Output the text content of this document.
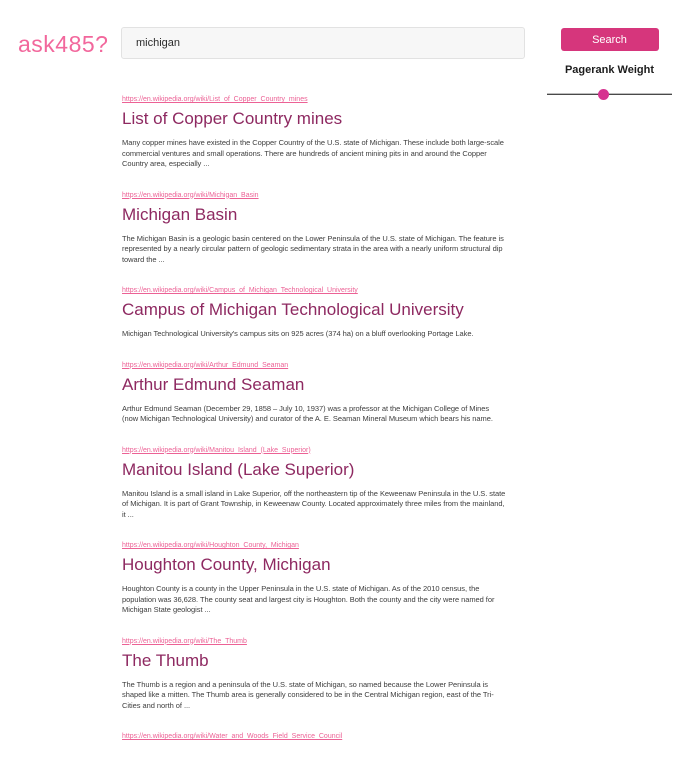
ask485?
michigan	Search
Pagerank Weight
https://en.wikipedia.org/wiki/List_of_Copper_Country_mines
List of Copper Country mines

Many copper mines have existed in the Copper Country of the U.S. state of Michigan. These include both large-scale commercial ventures and small operations. There are hundreds of ancient mining pits in and around the Copper Country area, especially ...

https://en.wikipedia.org/wiki/Michigan_Basin
Michigan Basin

The Michigan Basin is a geologic basin centered on the Lower Peninsula of the U.S. state of Michigan. The feature is represented by a nearly circular pattern of geologic sedimentary strata in the area with a nearly uniform structural dip toward the ...

https://en.wikipedia.org/wiki/Campus_of_Michigan_Technological_University
Campus of Michigan Technological University

Michigan Technological University's campus sits on 925 acres (374 ha) on a bluff overlooking Portage Lake.

https://en.wikipedia.org/wiki/Arthur_Edmund_Seaman
Arthur Edmund Seaman

Arthur Edmund Seaman (December 29, 1858 – July 10, 1937) was a professor at the Michigan College of Mines (now Michigan Technological University) and curator of the A. E. Seaman Mineral Museum which bears his name.

https://en.wikipedia.org/wiki/Manitou_Island_(Lake_Superior)
Manitou Island (Lake Superior)

Manitou Island is a small island in Lake Superior, off the northeastern tip of the Keweenaw Peninsula in the U.S. state of Michigan. It is part of Grant Township, in Keweenaw County. Located approximately three miles from the mainland, it ...

https://en.wikipedia.org/wiki/Houghton_County,_Michigan
Houghton County, Michigan

Houghton County is a county in the Upper Peninsula in the U.S. state of Michigan. As of the 2010 census, the population was 36,628. The county seat and largest city is Houghton. Both the county and the city were named for Michigan State geologist ...

https://en.wikipedia.org/wiki/The_Thumb
The Thumb

The Thumb is a region and a peninsula of the U.S. state of Michigan, so named because the Lower Peninsula is shaped like a mitten. The Thumb area is generally considered to be in the Central Michigan region, east of the Tri-Cities and north of ...

https://en.wikipedia.org/wiki/Water_and_Woods_Field_Service_Council
